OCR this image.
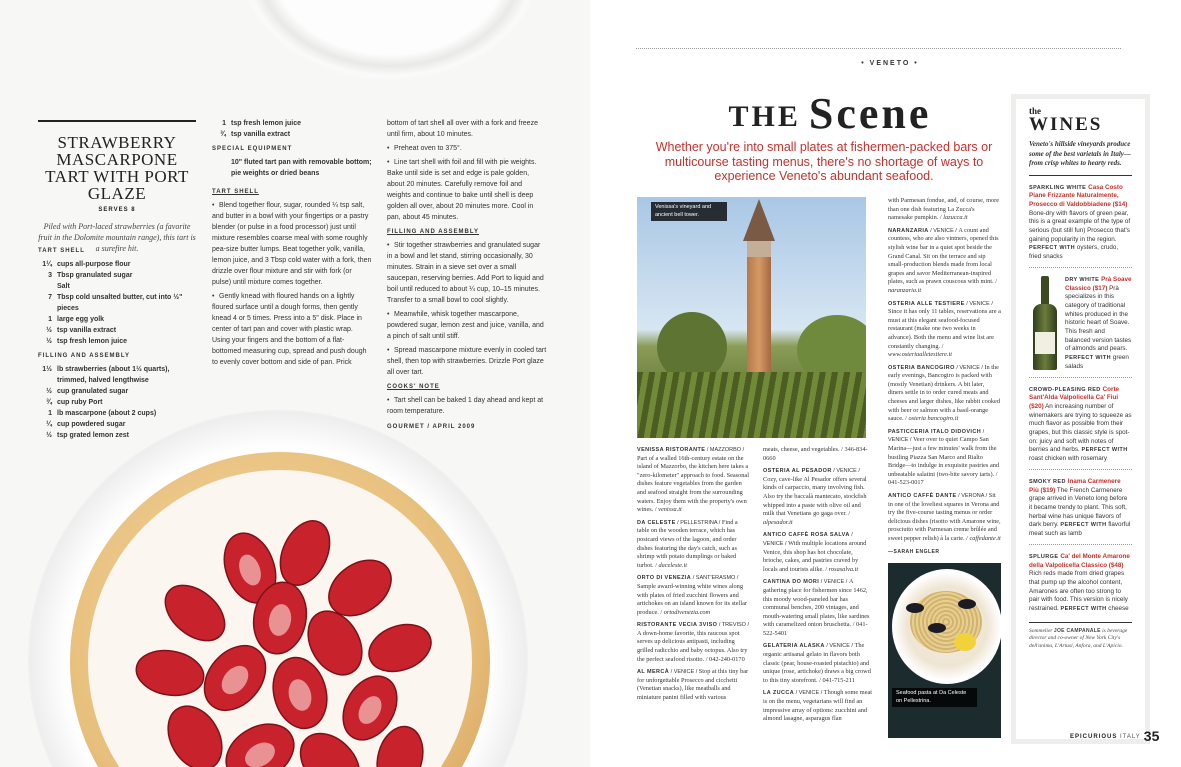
STRAWBERRY MASCARPONE TART WITH PORT GLAZE
SERVES 8
Piled with Port-laced strawberries (a favorite fruit in the Dolomite mountain range), this tart is a surefire hit.
TART SHELL
1¼ cups all-purpose flour
3 Tbsp granulated sugar
Salt
7 Tbsp cold unsalted butter, cut into ½" pieces
1 large egg yolk
½ tsp vanilla extract
½ tsp fresh lemon juice
FILLING AND ASSEMBLY
1½ lb strawberries (about 1½ quarts), trimmed, halved lengthwise
½ cup granulated sugar
¾ cup ruby Port
1 lb mascarpone (about 2 cups)
¼ cup powdered sugar
½ tsp grated lemon zest
1 tsp fresh lemon juice
¾ tsp vanilla extract
SPECIAL EQUIPMENT
10" fluted tart pan with removable bottom; pie weights or dried beans
TART SHELL
• Blend together flour, sugar, rounded ¼ tsp salt, and butter in a bowl with your fingertips or a pastry blender (or pulse in a food processor) just until mixture resembles coarse meal with some roughly pea-size butter lumps. Beat together yolk, vanilla, lemon juice, and 3 Tbsp cold water with a fork, then drizzle over flour mixture and stir with fork (or pulse) until mixture comes together.
• Gently knead with floured hands on a lightly floured surface until a dough forms, then gently knead 4 or 5 times. Press into a 5" disk. Place in center of tart pan and cover with plastic wrap. Using your fingers and the bottom of a flat-bottomed measuring cup, spread and push dough to evenly cover bottom and side of pan. Prick
bottom of tart shell all over with a fork and freeze until firm, about 10 minutes.
• Preheat oven to 375°.
• Line tart shell with foil and fill with pie weights. Bake until side is set and edge is pale golden, about 20 minutes. Carefully remove foil and weights and continue to bake until shell is deep golden all over, about 20 minutes more. Cool in pan, about 45 minutes.
FILLING AND ASSEMBLY
• Stir together strawberries and granulated sugar in a bowl and let stand, stirring occasionally, 30 minutes. Strain in a sieve set over a small saucepan, reserving berries. Add Port to liquid and boil until reduced to about ¼ cup, 10–15 minutes. Transfer to a small bowl to cool slightly.
• Meanwhile, whisk together mascarpone, powdered sugar, lemon zest and juice, vanilla, and a pinch of salt until stiff.
• Spread mascarpone mixture evenly in cooled tart shell, then top with strawberries. Drizzle Port glaze all over tart.
COOKS' NOTE
• Tart shell can be baked 1 day ahead and kept at room temperature.
GOURMET / APRIL 2009
• VENETO •
THE Scene
Whether you're into small plates at fishermen-packed bars or multicourse tasting menus, there's no shortage of ways to experience Veneto's abundant seafood.
Venissa's vineyard and ancient bell tower.
VENISSA RISTORANTE / MAZZORBO / Part of a walled 16th-century estate on the island of Mazzorbo, the kitchen here takes a "zero-kilometer" approach to food. Seasonal dishes feature vegetables from the garden and seafood straight from the surrounding waters. Enjoy them with the property's own wines. / venissa.it
DA CELESTE / PELLESTRINA / Find a table on the wooden terrace, which has postcard views of the lagoon, and order dishes featuring the day's catch, such as shrimp with potato dumplings or baked turbot. / daceleste.it
ORTO DI VENEZIA / SANT'ERASMO / Sample award-winning white wines along with plates of fried zucchini flowers and artichokes on an island known for its stellar produce. / ortodivenezia.com
RISTORANTE VECIA 3VISO / TREVISO / A down-home favorite, this raucous spot serves up delicious antipasti, including grilled radicchio and baby octopus. Also try the perfect seafood risotto. / 042-240-0170
AL MERCÀ / VENICE / Stop at this tiny bar for unforgettable Prosecco and cicchetti (Venetian snacks), like meatballs and miniature panini filled with various
meats, cheese, and vegetables. / 346-834-0660
OSTERIA AL PESADOR / VENICE / Cozy, cave-like Al Pesador offers several kinds of carpaccio, many involving fish. Also try the baccalà mantecato, stockfish whipped into a paste with olive oil and milk that Venetians go gaga over. / alpesador.it
ANTICO CAFFÈ ROSA SALVA / VENICE / With multiple locations around Venice, this shop has hot chocolate, brioche, cakes, and pastries craved by locals and tourists alike. / rosasalva.it
CANTINA DO MORI / VENICE / A gathering place for fishermen since 1462, this moody wood-paneled bar has communal benches, 200 vintages, and mouth-watering small plates, like sardines with caramelized onion bruschetta. / 041-522-5401
GELATERIA ALASKA / VENICE / The organic artisanal gelato in flavors both classic (pear, house-roasted pistachio) and unique (rose, artichoke) draws a big crowd to this tiny storefront. / 041-715-211
LA ZUCCA / VENICE / Though some meat is on the menu, vegetarians will find an impressive array of options: zucchini and almond lasagne, asparagus flan
with Parmesan fondue, and, of course, more than one dish featuring La Zucca's namesake pumpkin. / lazucca.it
NARANZARIA / VENICE / A count and countess, who are also vintners, opened this stylish wine bar in a quiet spot beside the Grand Canal. Sit on the terrace and sip small-production blends made from local grapes and savor Mediterranean-inspired plates, such as prawn couscous with mint. / naranzaria.it
OSTERIA ALLE TESTIERE / VENICE / Since it has only 11 tables, reservations are a must at this elegant seafood-focused restaurant (make one two weeks in advance). Both the menu and wine list are constantly changing. / www.osteriaalletestiere.it
OSTERIA BANCOGIRO / VENICE / In the early evenings, Bancogiro is packed with (mostly Venetian) drinkers. A bit later, diners settle in to order cured meats and cheeses and larger dishes, like rabbit cooked with beer or salmon with a basil-orange sauce. / osteria bancogiro.it
PASTICCERIA ITALO DIDOVICH / VENICE / Veer over to quiet Campo San Marina—just a few minutes' walk from the bustling Piazza San Marco and Rialto Bridge—to indulge in exquisite pastries and unbeatable salatini (two-bite savory tarts). / 041-523-0017
ANTICO CAFFÈ DANTE / VERONA / Sit in one of the loveliest squares in Verona and try the five-course tasting menus or order delicious dishes (risotto with Amarone wine, prosciutto with Parmesan creme brûlée and sweet pepper relish) à la carte. / caffedante.it
—SARAH ENGLER
Seafood pasta at Da Celeste on Pellestrina.
the
WINES
Veneto's hillside vineyards produce some of the best varietals in Italy—from crisp whites to hearty reds.
SPARKLING WHITE Casa Costo Piane Frizzante Naturalmente, Prosecco di Valdobbiadene ($14) Bone-dry with flavors of green pear, this is a great example of the type of serious (but still fun) Prosecco that's gaining popularity in the region. PERFECT WITH oysters, crudo, fried snacks
DRY WHITE Prà Soave Classico ($17) Prà specializes in this category of traditional whites produced in the historic heart of Soave. This fresh and balanced version tastes of almonds and pears. PERFECT WITH green salads
CROWD-PLEASING RED Corte Sant'Alda Valpolicella Ca' Fiui ($20) An increasing number of winemakers are trying to squeeze as much flavor as possible from their grapes, but this classic style is spot-on: juicy and soft with notes of berries and herbs. PERFECT WITH roast chicken with rosemary
SMOKY RED Inama Carmenere Più ($19) The French Carmenere grape arrived in Veneto long before it became trendy to plant. This soft, herbal wine has unique flavors of dark berry. PERFECT WITH flavorful meat such as lamb
SPLURGE Ca' del Monte Amarone della Valpolicella Classico ($48) Rich reds made from dried grapes that pump up the alcohol content, Amarones are often too strong to pair with food. This version is nicely restrained. PERFECT WITH cheese
Sommelier JOE CAMPANALE is beverage director and co-owner of New York City's dell'anima, L'Artusi, Anfora, and L'Apicio.
EPICURIOUS ITALY 35
